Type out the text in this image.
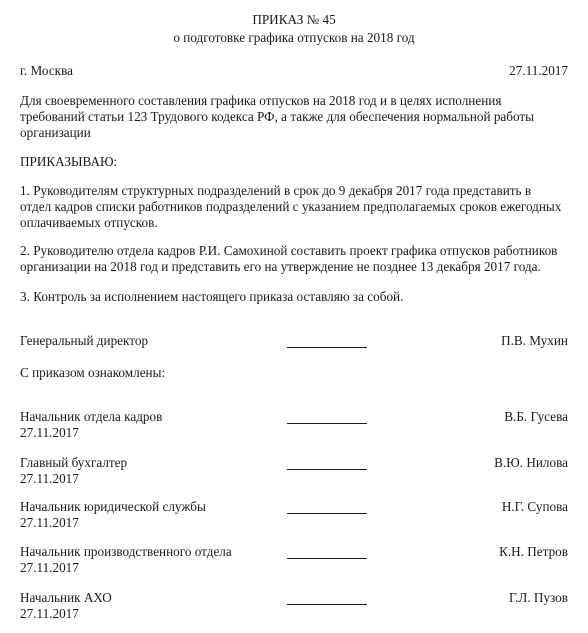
ПРИКАЗ № 45
о подготовке графика отпусков на 2018 год
г. Москва	27.11.2017
Для своевременного составления графика отпусков на 2018 год и в целях исполнения
требований статьи 123 Трудового кодекса РФ, а также для обеспечения нормальной работы
организации
ПРИКАЗЫВАЮ:
1. Руководителям структурных подразделений в срок до 9 декабря 2017 года представить в
отдел кадров списки работников подразделений с указанием предполагаемых сроков ежегодных
оплачиваемых отпусков.
2. Руководителю отдела кадров Р.И. Самохиной составить проект графика отпусков работников
организации на 2018 год и представить его на утверждение не позднее 13 декабря 2017 года.
3. Контроль за исполнением настоящего приказа оставляю за собой.
Генеральный директор	П.В. Мухин
С приказом ознакомлены:
Начальник отдела кадров	В.Б. Гусева
27.11.2017
Главный бухгалтер	В.Ю. Нилова
27.11.2017
Начальник юридической службы	Н.Г. Супова
27.11.2017
Начальник производственного отдела	К.Н. Петров
27.11.2017
Начальник АХО	Г.Л. Пузов
27.11.2017
